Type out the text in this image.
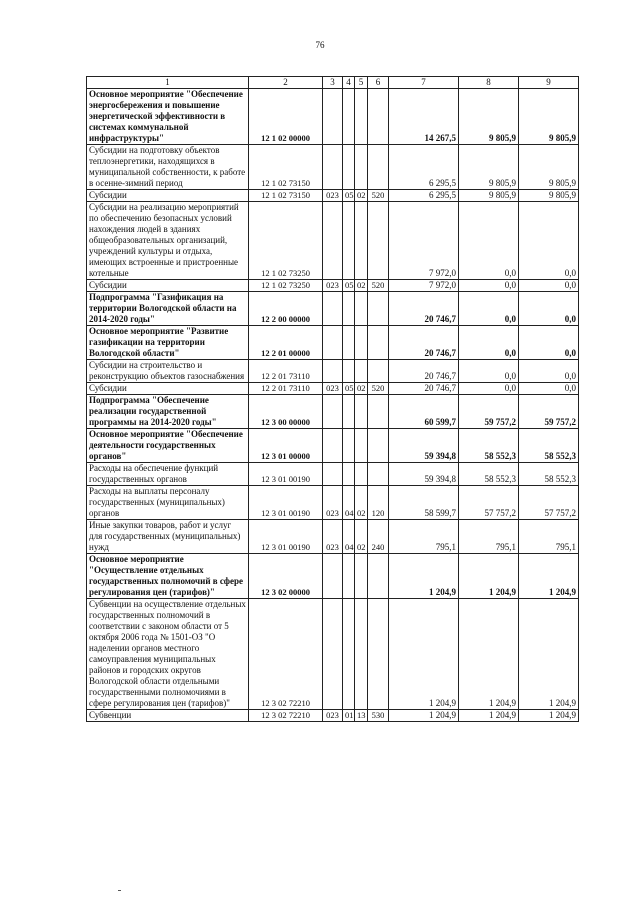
76
1	2	3	4	5	6	7	8	9
Основное мероприятие "Обеспечение энергосбережения и повышение энергетической эффективности в системах коммунальной инфраструктуры"	12 1 02 00000					14 267,5	9 805,9	9 805,9
Субсидии на подготовку объектов теплоэнергетики, находящихся в муниципальной собственности, к работе в осенне-зимний период	12 1 02 73150					6 295,5	9 805,9	9 805,9
Субсидии	12 1 02 73150	023	05	02	520	6 295,5	9 805,9	9 805,9
Субсидии на реализацию мероприятий по обеспечению безопасных условий нахождения людей в зданиях общеобразовательных организаций, учреждений культуры и отдыха, имеющих встроенные и пристроенные котельные	12 1 02 73250					7 972,0	0,0	0,0
Субсидии	12 1 02 73250	023	05	02	520	7 972,0	0,0	0,0
Подпрограмма "Газификация на территории Вологодской области на 2014-2020 годы"	12 2 00 00000					20 746,7	0,0	0,0
Основное мероприятие "Развитие газификации на территории Вологодской области"	12 2 01 00000					20 746,7	0,0	0,0
Субсидии на строительство и реконструкцию объектов газоснабжения	12 2 01 73110					20 746,7	0,0	0,0
Субсидии	12 2 01 73110	023	05	02	520	20 746,7	0,0	0,0
Подпрограмма "Обеспечение реализации государственной программы на 2014-2020 годы"	12 3 00 00000					60 599,7	59 757,2	59 757,2
Основное мероприятие "Обеспечение деятельности государственных органов"	12 3 01 00000					59 394,8	58 552,3	58 552,3
Расходы на обеспечение функций государственных органов	12 3 01 00190					59 394,8	58 552,3	58 552,3
Расходы на выплаты персоналу государственных (муниципальных) органов	12 3 01 00190	023	04	02	120	58 599,7	57 757,2	57 757,2
Иные закупки товаров, работ и услуг для государственных (муниципальных) нужд	12 3 01 00190	023	04	02	240	795,1	795,1	795,1
Основное мероприятие "Осуществление отдельных государственных полномочий в сфере регулирования цен (тарифов)"	12 3 02 00000					1 204,9	1 204,9	1 204,9
Субвенции на осуществление отдельных государственных полномочий в соответствии с законом области от 5 октября 2006 года № 1501-ОЗ "О наделении органов местного самоуправления муниципальных районов и городских округов Вологодской области отдельными государственными полномочиями в сфере регулирования цен (тарифов)"	12 3 02 72210					1 204,9	1 204,9	1 204,9
Субвенции	12 3 02 72210	023	01	13	530	1 204,9	1 204,9	1 204,9
